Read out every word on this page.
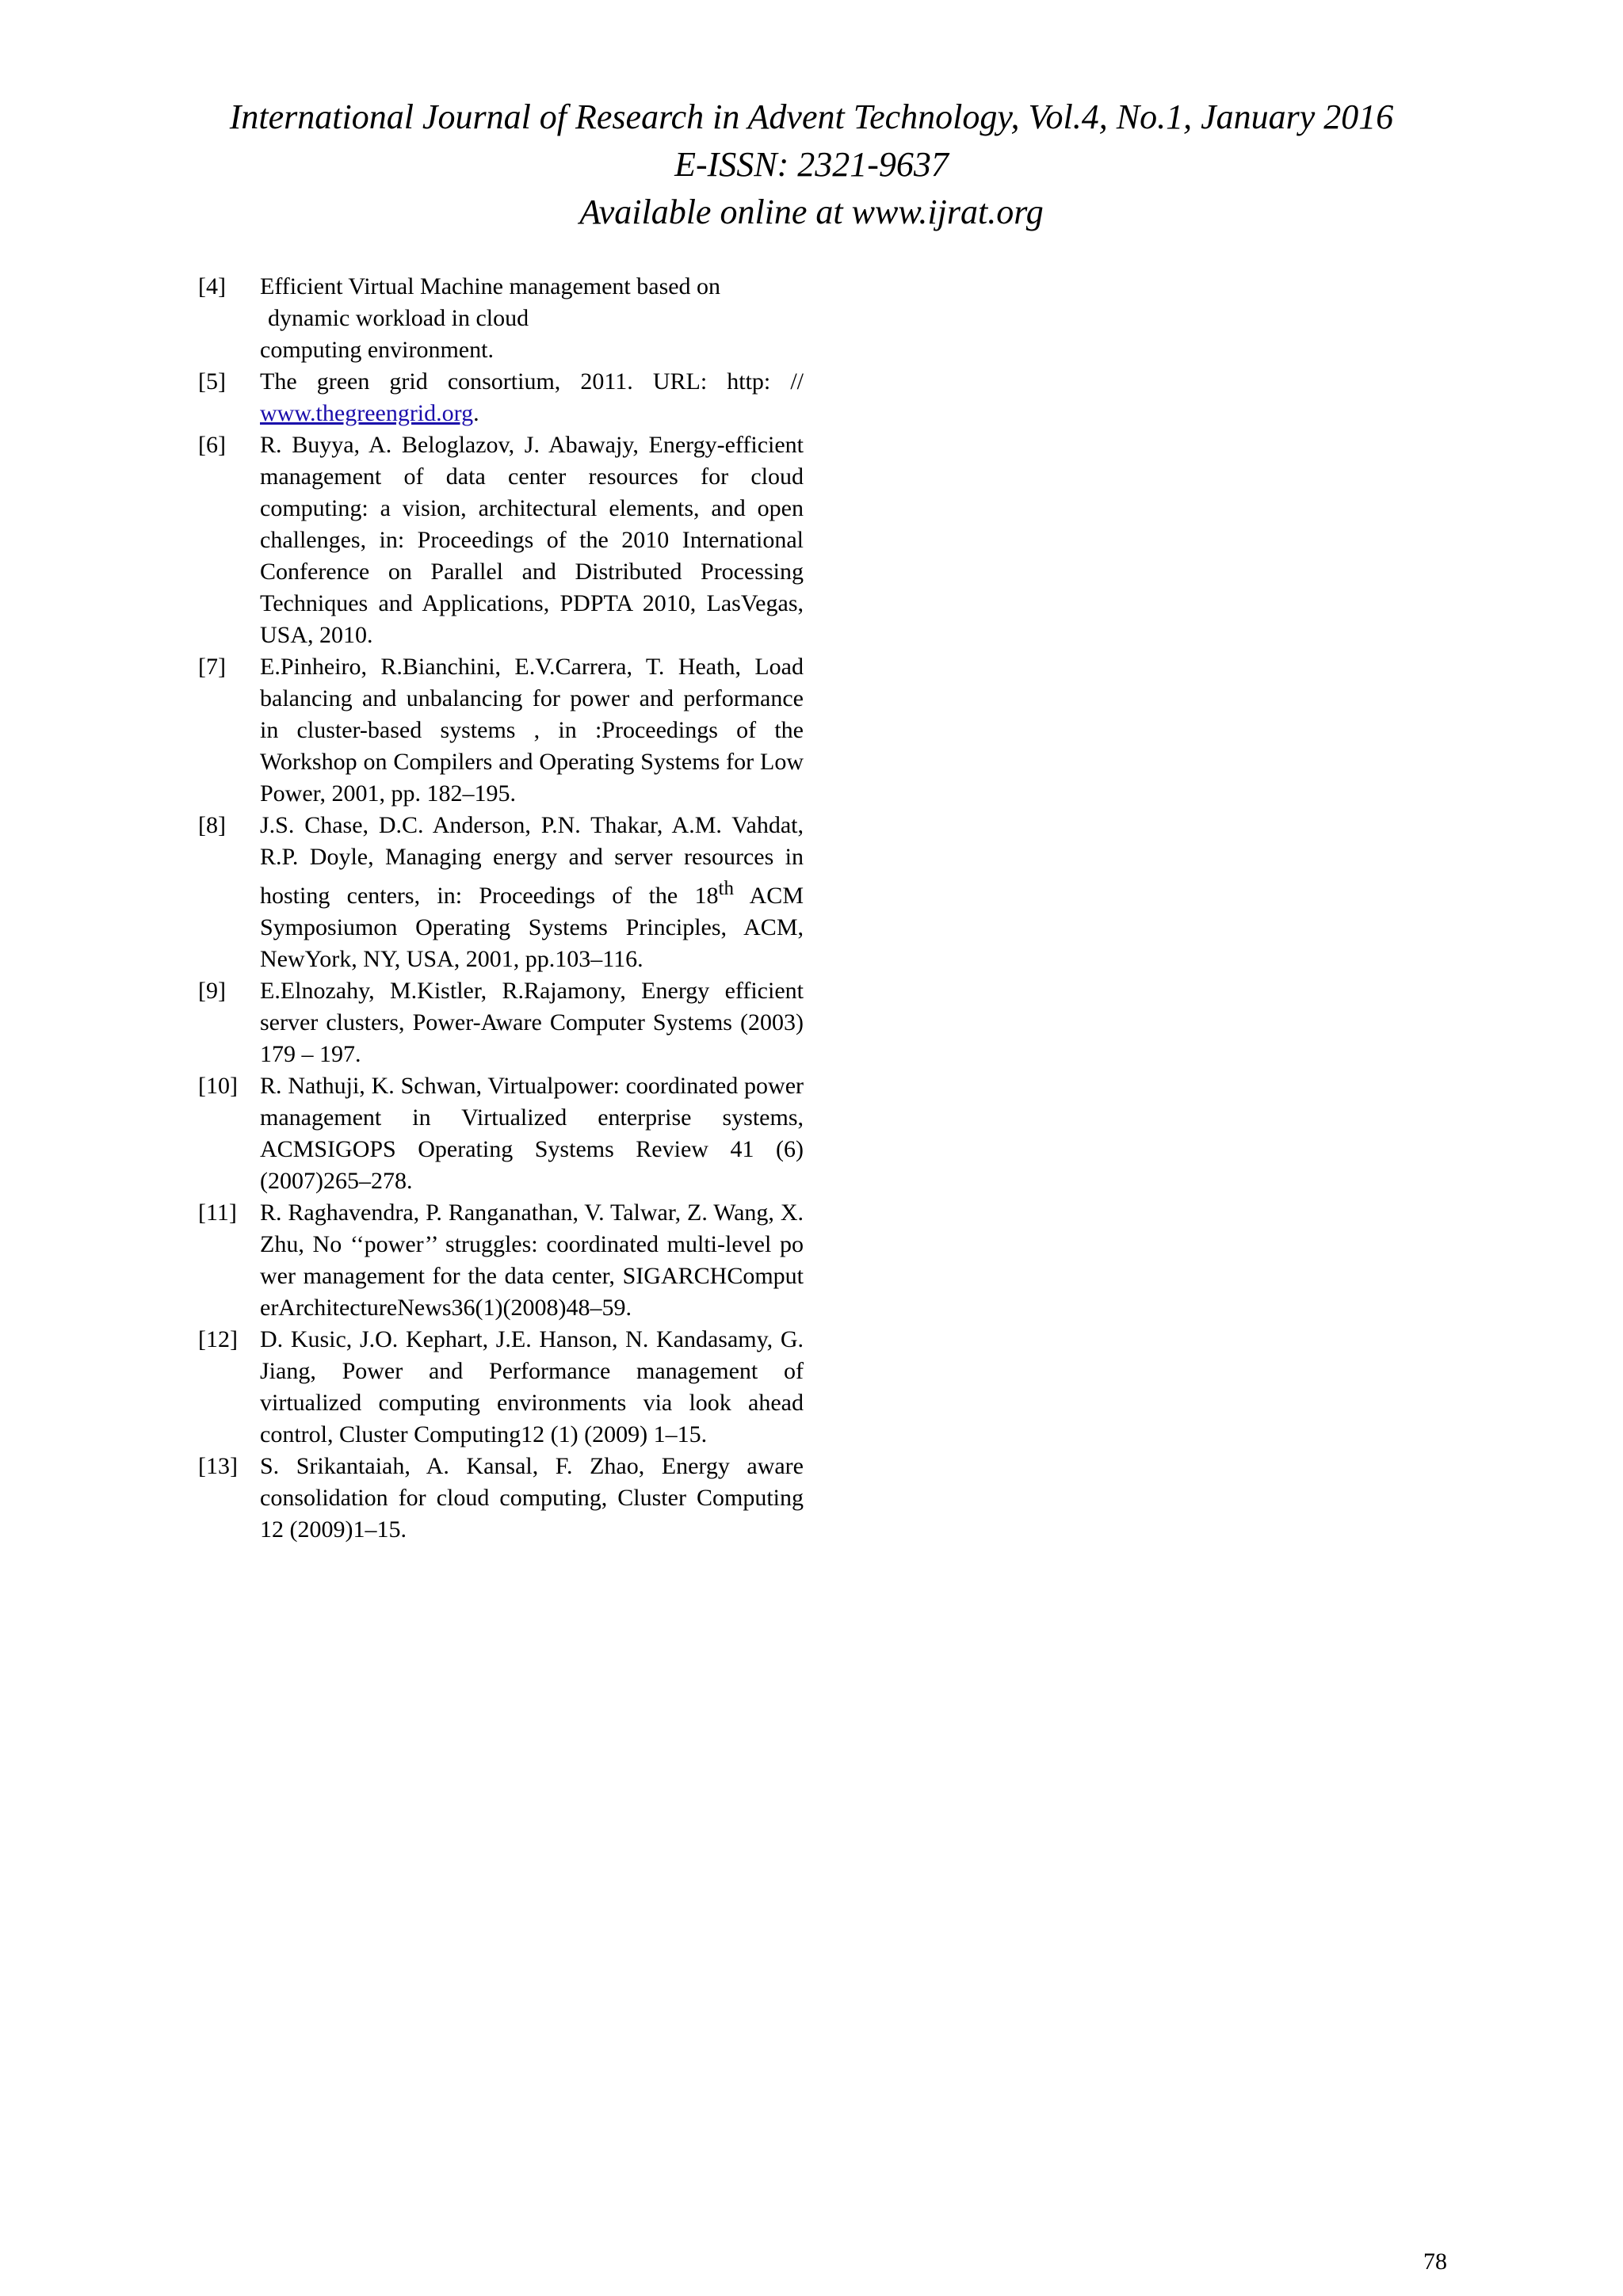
International Journal of Research in Advent Technology, Vol.4, No.1, January 2016
E-ISSN: 2321-9637
Available online at www.ijrat.org
[4] Efficient Virtual Machine management based on
dynamic workload in cloud
computing environment.
[5] The green grid consortium, 2011. URL: http: // www.thegreengrid.org.
[6] R. Buyya, A. Beloglazov, J. Abawajy, Energy-efficient management of data center resources for cloud computing: a vision, architectural elements, and open challenges, in: Proceedings of the 2010 International Conference on Parallel and Distributed Processing Techniques and Applications, PDPTA 2010, LasVegas, USA, 2010.
[7] E.Pinheiro, R.Bianchini, E.V.Carrera, T. Heath, Load balancing and unbalancing for power and performance in cluster-based systems , in :Proceedings of the Workshop on Compilers and Operating Systems for Low Power, 2001, pp. 182–195.
[8] J.S. Chase, D.C. Anderson, P.N. Thakar, A.M. Vahdat, R.P. Doyle, Managing energy and server resources in hosting centers, in: Proceedings of the 18th ACM Symposiumon Operating Systems Principles, ACM, NewYork, NY, USA, 2001, pp.103–116.
[9] E.Elnozahy, M.Kistler, R.Rajamony, Energy efficient server clusters, Power-Aware Computer Systems (2003) 179 – 197.
[10] R. Nathuji, K. Schwan, Virtualpower: coordinated power management in Virtualized enterprise systems, ACMSIGOPS Operating Systems Review 41 (6) (2007)265–278.
[11] R. Raghavendra, P. Ranganathan, V. Talwar, Z. Wang, X. Zhu, No ‘‘power’’ struggles: coordinated multi-level power management for the data center, SIGARCHComputerArchitectureNews36(1)(2008)48–59.
[12] D. Kusic, J.O. Kephart, J.E. Hanson, N. Kandasamy, G. Jiang, Power and Performance management of virtualized computing environments via look ahead control, Cluster Computing12 (1) (2009) 1–15.
[13] S. Srikantaiah, A. Kansal, F. Zhao, Energy aware consolidation for cloud computing, Cluster Computing 12 (2009)1–15.
78
